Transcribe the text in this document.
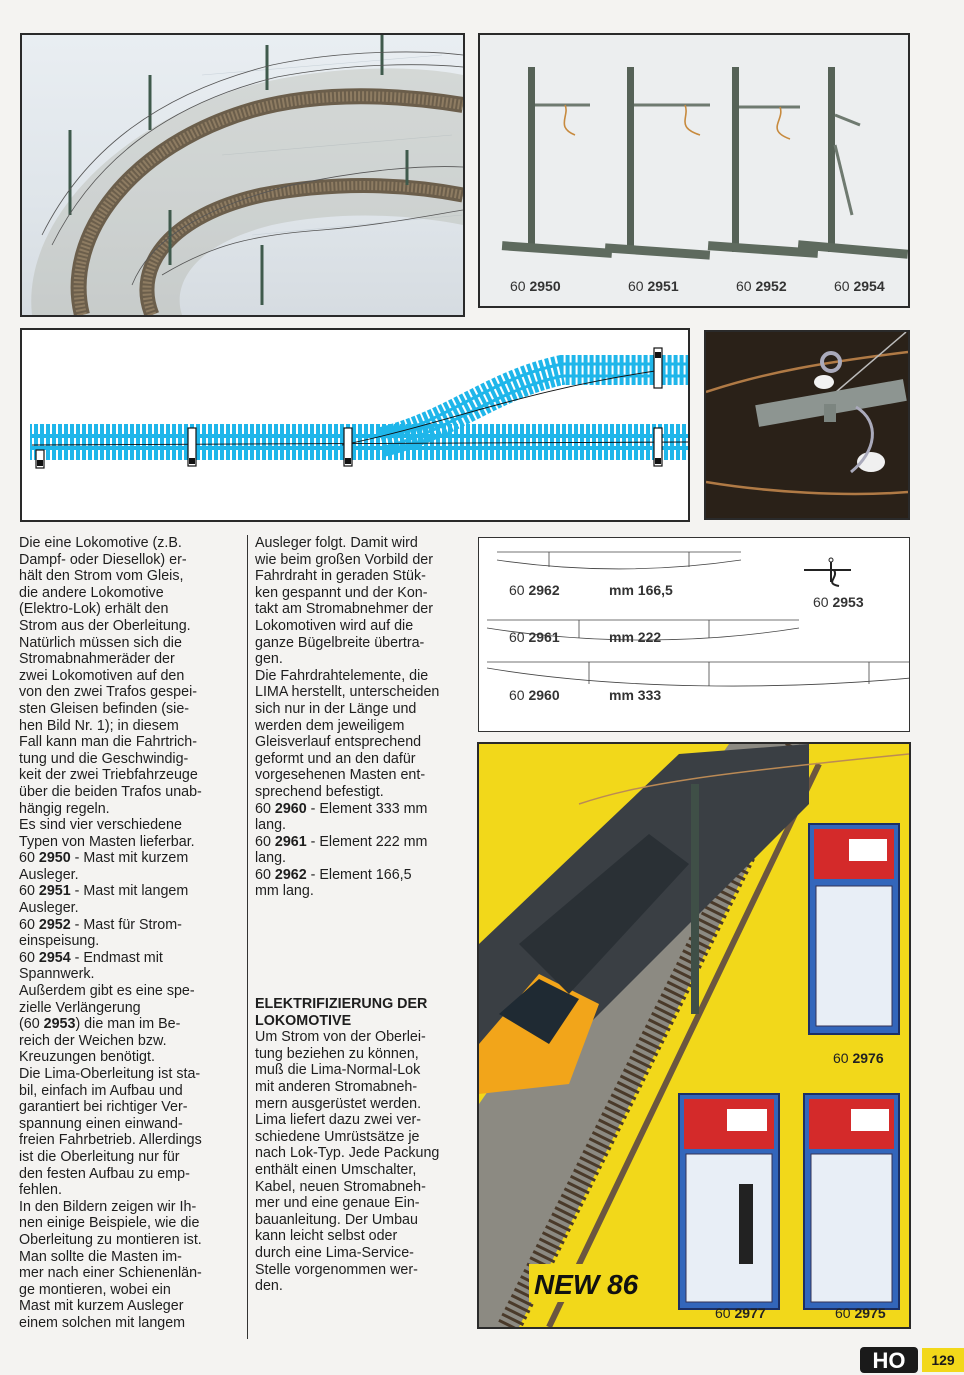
60 2950	60 2951	60 2952	60 2954
60 2962	mm 166,5
60 2961	mm 222
60 2960	mm 333
60 2953
NEW 86
60 2976
60 2977	60 2975

Die eine Lokomotive (z.B.

Dampf- oder Diesellok) er-

hält den Strom vom Gleis,

die andere Lokomotive

(Elektro-Lok) erhält den

Strom aus der Oberleitung.

Natürlich müssen sich die

Stromabnahmeräder der

zwei Lokomotiven auf den

von den zwei Trafos gespei-

sten Gleisen befinden (sie-

hen Bild Nr. 1); in diesem

Fall kann man die Fahrtrich-

tung und die Geschwindig-

keit der zwei Triebfahrzeuge

über die beiden Trafos unab-

hängig regeln.

Es sind vier verschiedene

Typen von Masten lieferbar.

60 2950 - Mast mit kurzem

Ausleger.

60 2951 - Mast mit langem

Ausleger.

60 2952 - Mast für Strom-

einspeisung.

60 2954 - Endmast mit

Spannwerk.

Außerdem gibt es eine spe-

zielle Verlängerung

(60 2953) die man im Be-

reich der Weichen bzw.

Kreuzungen benötigt.

Die Lima-Oberleitung ist sta-

bil, einfach im Aufbau und

garantiert bei richtiger Ver-

spannung einen einwand-

freien Fahrbetrieb. Allerdings

ist die Oberleitung nur für

den festen Aufbau zu emp-

fehlen.

In den Bildern zeigen wir Ih-

nen einige Beispiele, wie die

Oberleitung zu montieren ist.

Man sollte die Masten im-

mer nach einer Schienenlän-

ge montieren, wobei ein

Mast mit kurzem Ausleger

einem solchen mit langem

Ausleger folgt. Damit wird

wie beim großen Vorbild der

Fahrdraht in geraden Stük-

ken gespannt und der Kon-

takt am Stromabnehmer der

Lokomotiven wird auf die

ganze Bügelbreite übertra-

gen.

Die Fahrdrahtelemente, die

LIMA herstellt, unterscheiden

sich nur in der Länge und

werden dem jeweiligem

Gleisverlauf entsprechend

geformt und an den dafür

vorgesehenen Masten ent-

sprechend befestigt.

60 2960 - Element 333 mm

lang.

60 2961 - Element 222 mm

lang.

60 2962 - Element 166,5

mm lang.

ELEKTRIFIZIERUNG DER

LOKOMOTIVE

Um Strom von der Oberlei-

tung beziehen zu können,

muß die Lima-Normal-Lok

mit anderen Stromabneh-

mern ausgerüstet werden.

Lima liefert dazu zwei ver-

schiedene Umrüstsätze je

nach Lok-Typ. Jede Packung

enthält einen Umschalter,

Kabel, neuen Stromabneh-

mer und eine genaue Ein-

bauanleitung. Der Umbau

kann leicht selbst oder

durch eine Lima-Service-

Stelle vorgenommen wer-

den.

HO	129
